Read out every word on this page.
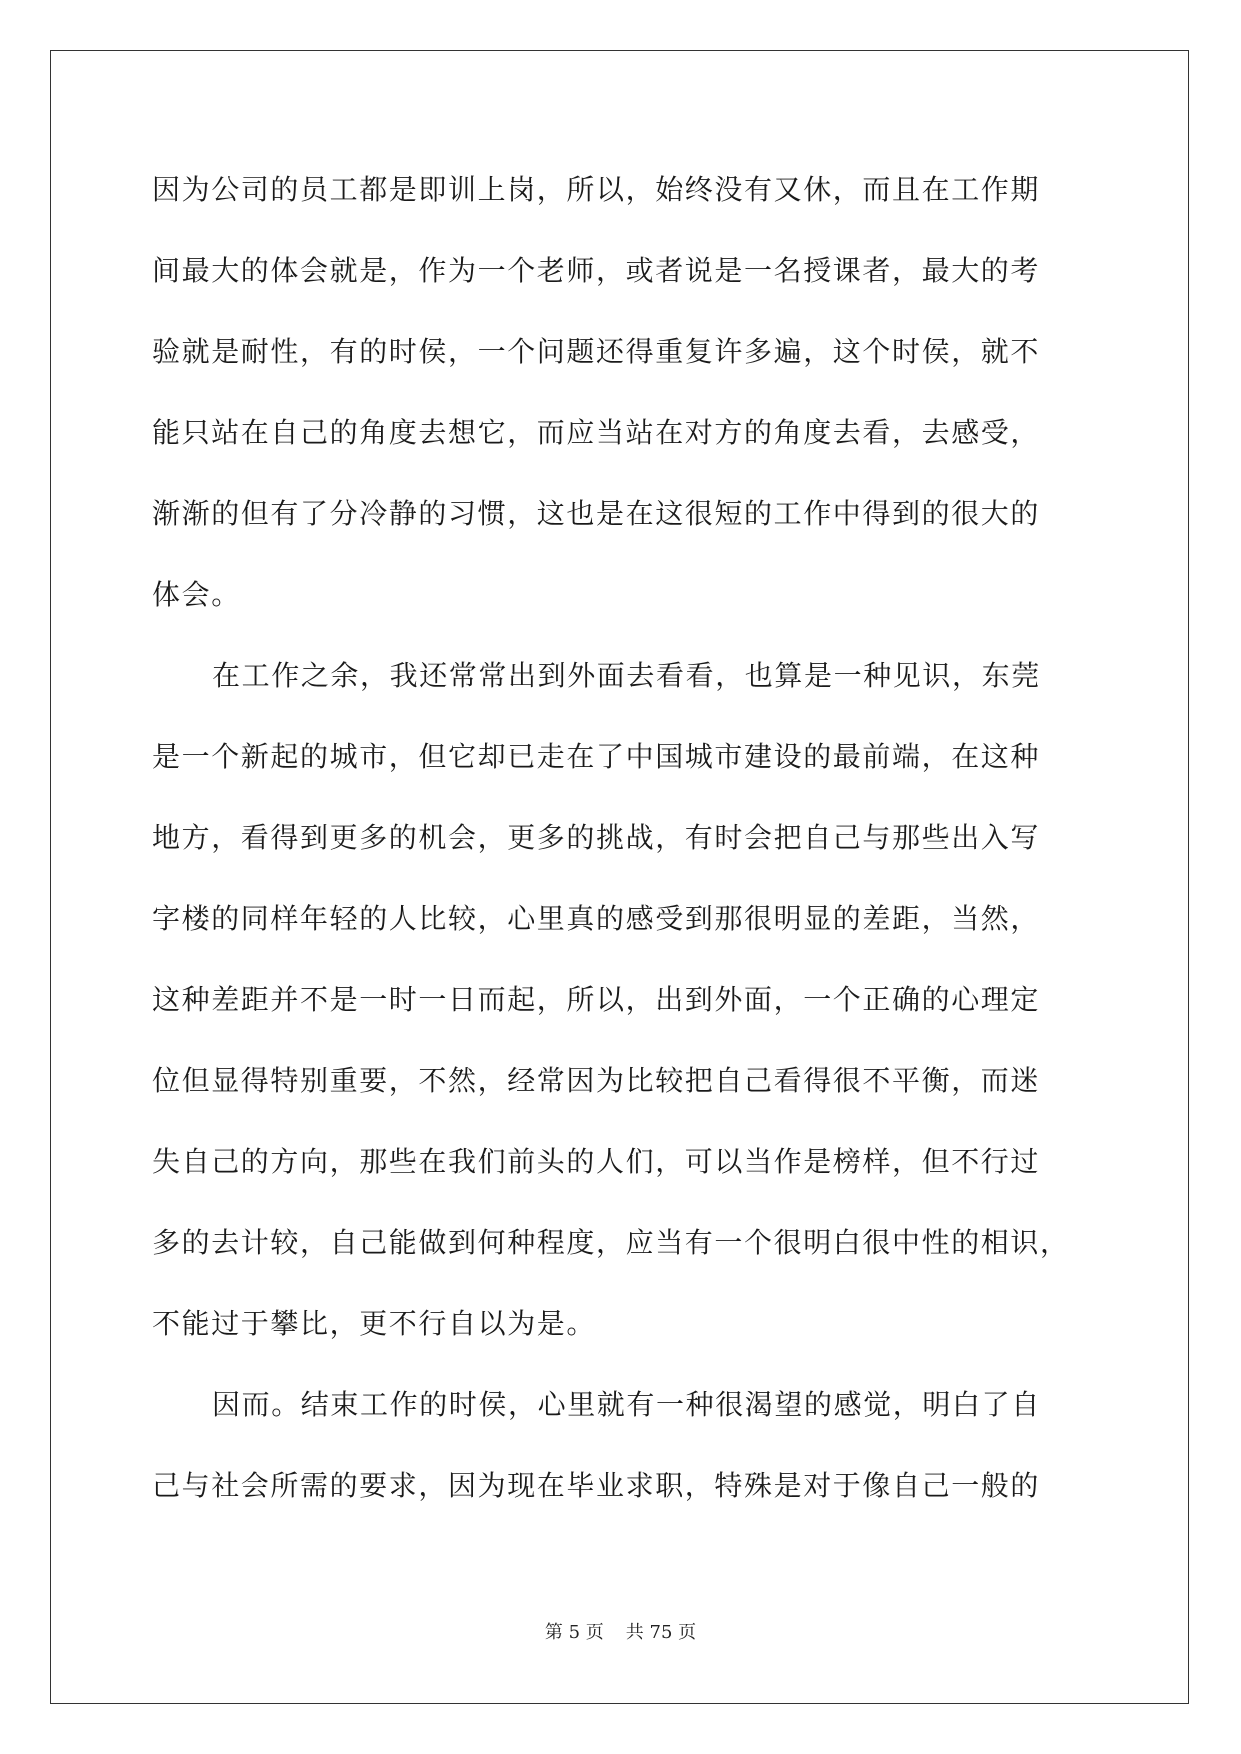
因为公司的员工都是即训上岗，所以，始终没有又休，而且在工作期
间最大的体会就是，作为一个老师，或者说是一名授课者，最大的考
验就是耐性，有的时侯，一个问题还得重复许多遍，这个时侯，就不
能只站在自己的角度去想它，而应当站在对方的角度去看，去感受，
渐渐的但有了分冷静的习惯，这也是在这很短的工作中得到的很大的
体会。
在工作之余，我还常常出到外面去看看，也算是一种见识，东莞
是一个新起的城市，但它却已走在了中国城市建设的最前端，在这种
地方，看得到更多的机会，更多的挑战，有时会把自己与那些出入写
字楼的同样年轻的人比较，心里真的感受到那很明显的差距，当然，
这种差距并不是一时一日而起，所以，出到外面，一个正确的心理定
位但显得特别重要，不然，经常因为比较把自己看得很不平衡，而迷
失自己的方向，那些在我们前头的人们，可以当作是榜样，但不行过
多的去计较，自己能做到何种程度，应当有一个很明白很中性的相识，
不能过于攀比，更不行自以为是。
因而。结束工作的时侯，心里就有一种很渴望的感觉，明白了自
己与社会所需的要求，因为现在毕业求职，特殊是对于像自己一般的
第 5 页 共 75 页
